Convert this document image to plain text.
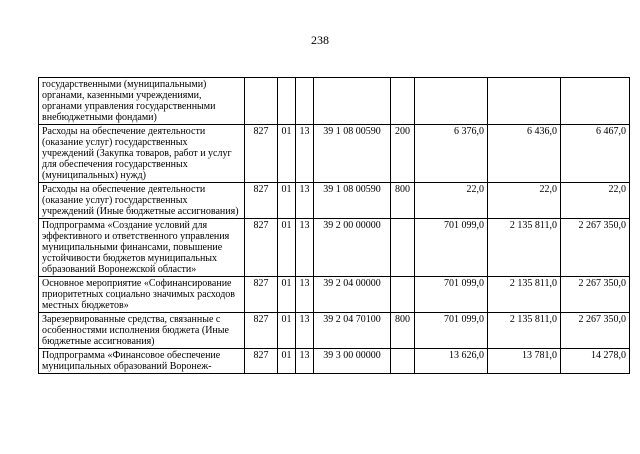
238
государственными (муниципальными) органами, казенными учреждениями, органами управления государственными внебюджетными фондами)								
Расходы на обеспечение деятельности (оказание услуг) государственных учреждений (Закупка товаров, работ и услуг для обеспечения государственных (муниципальных) нужд)	827	01	13	39 1 08 00590	200	6 376,0	6 436,0	6 467,0
Расходы на обеспечение деятельности (оказание услуг) государственных учреждений (Иные бюджетные ассигнования)	827	01	13	39 1 08 00590	800	22,0	22,0	22,0
Подпрограмма «Создание условий для эффективного и ответственного управления муниципальными финансами, повышение устойчивости бюджетов муниципальных образований Воронежской области»	827	01	13	39 2 00 00000		701 099,0	2 135 811,0	2 267 350,0
Основное мероприятие «Софинансирование приоритетных социально значимых расходов местных бюджетов»	827	01	13	39 2 04 00000		701 099,0	2 135 811,0	2 267 350,0
Зарезервированные средства, связанные с особенностями исполнения бюджета (Иные бюджетные ассигнования)	827	01	13	39 2 04 70100	800	701 099,0	2 135 811,0	2 267 350,0
Подпрограмма «Финансовое обеспечение муниципальных образований Воронеж-	827	01	13	39 3 00 00000		13 626,0	13 781,0	14 278,0
